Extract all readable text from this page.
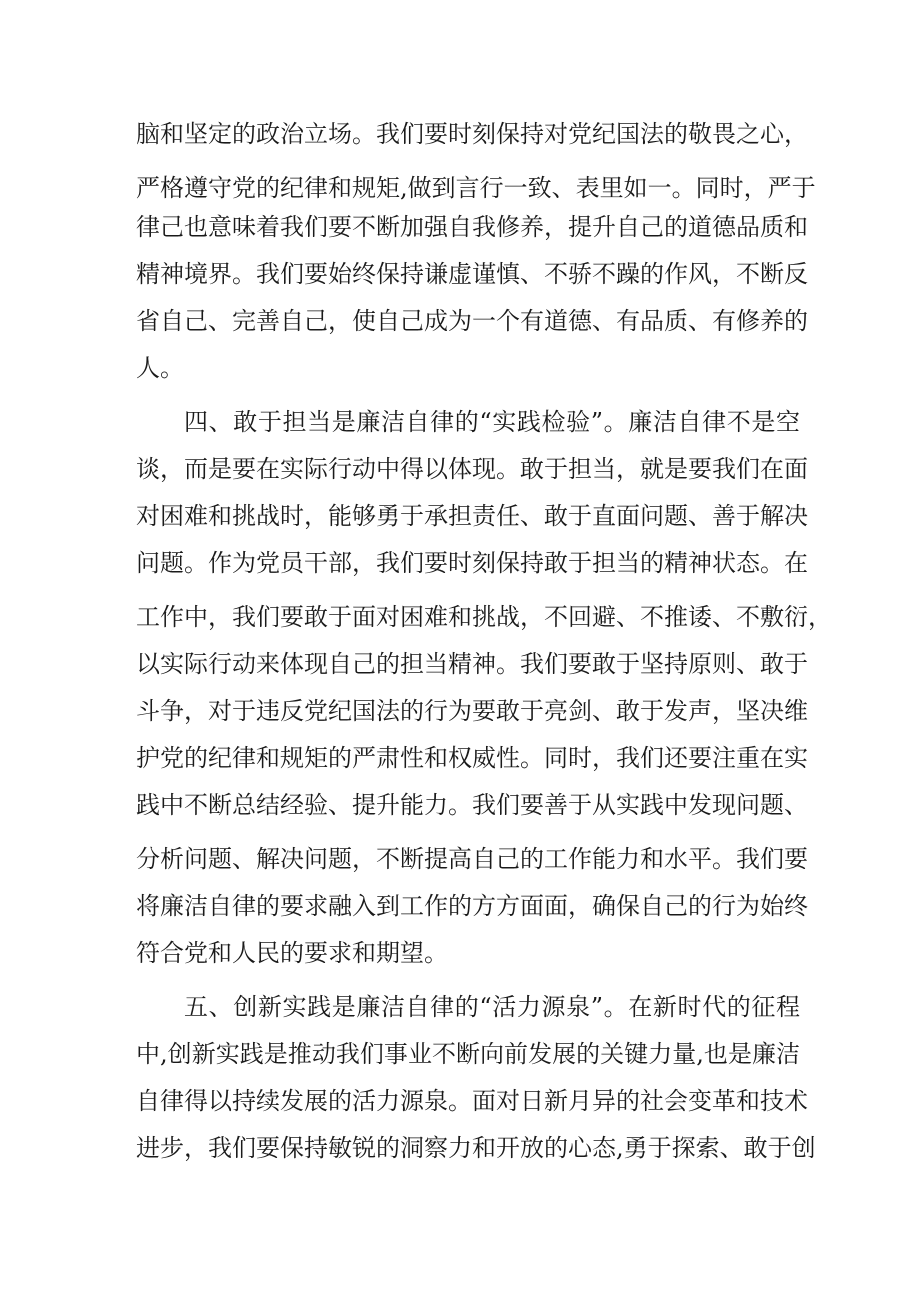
脑和坚定的政治立场。我们要时刻保持对党纪国法的敬畏之心，
严格遵守党的纪律和规矩,做到言行一致、表里如一。同时，严于
律己也意味着我们要不断加强自我修养，提升自己的道德品质和
精神境界。我们要始终保持谦虚谨慎、不骄不躁的作风，不断反
省自己、完善自己，使自己成为一个有道德、有品质、有修养的
人。
四、敢于担当是廉洁自律的“实践检验”。廉洁自律不是空
谈，而是要在实际行动中得以体现。敢于担当，就是要我们在面
对困难和挑战时，能够勇于承担责任、敢于直面问题、善于解决
问题。作为党员干部，我们要时刻保持敢于担当的精神状态。在
工作中，我们要敢于面对困难和挑战，不回避、不推诿、不敷衍，
以实际行动来体现自己的担当精神。我们要敢于坚持原则、敢于
斗争，对于违反党纪国法的行为要敢于亮剑、敢于发声，坚决维
护党的纪律和规矩的严肃性和权威性。同时，我们还要注重在实
践中不断总结经验、提升能力。我们要善于从实践中发现问题、
分析问题、解决问题，不断提高自己的工作能力和水平。我们要
将廉洁自律的要求融入到工作的方方面面，确保自己的行为始终
符合党和人民的要求和期望。
五、创新实践是廉洁自律的“活力源泉”。在新时代的征程
中,创新实践是推动我们事业不断向前发展的关键力量,也是廉洁
自律得以持续发展的活力源泉。面对日新月异的社会变革和技术
进步，我们要保持敏锐的洞察力和开放的心态,勇于探索、敢于创
